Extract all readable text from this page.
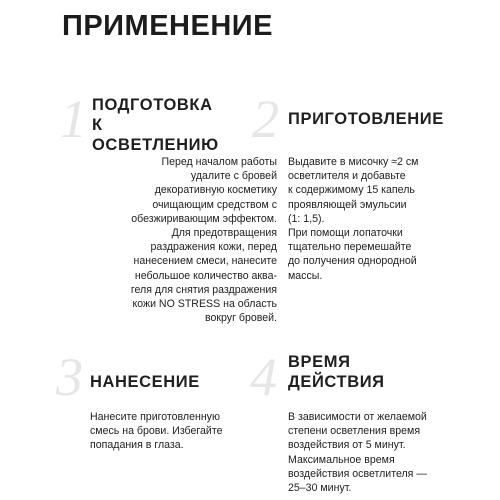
ПРИМЕНЕНИЕ
1 ПОДГОТОВКА
К ОСВЕТЛЕНИЮ
Перед началом работы
удалите с бровей
декоративную косметику
очищающим средством с
обезжиривающим эффектом.
Для предотвращения
раздражения кожи, перед
нанесением смеси, нанесите
небольшое количество аква-
геля для снятия раздражения
кожи NO STRESS на область
вокруг бровей.
2 ПРИГОТОВЛЕНИЕ
Выдавите в мисочку ≈2 см
осветлителя и добавьте
к содержимому 15 капель
проявляющей эмульсии
(1: 1,5).
При помощи лопаточки
тщательно перемешайте
до получения однородной
массы.
3 НАНЕСЕНИЕ
Нанесите приготовленную
смесь на брови. Избегайте
попадания в глаза.
4 ВРЕМЯ
ДЕЙСТВИЯ
В зависимости от желаемой
степени осветления время
воздействия от 5 минут.
Максимальное время
воздействия осветлителя —
25–30 минут.
